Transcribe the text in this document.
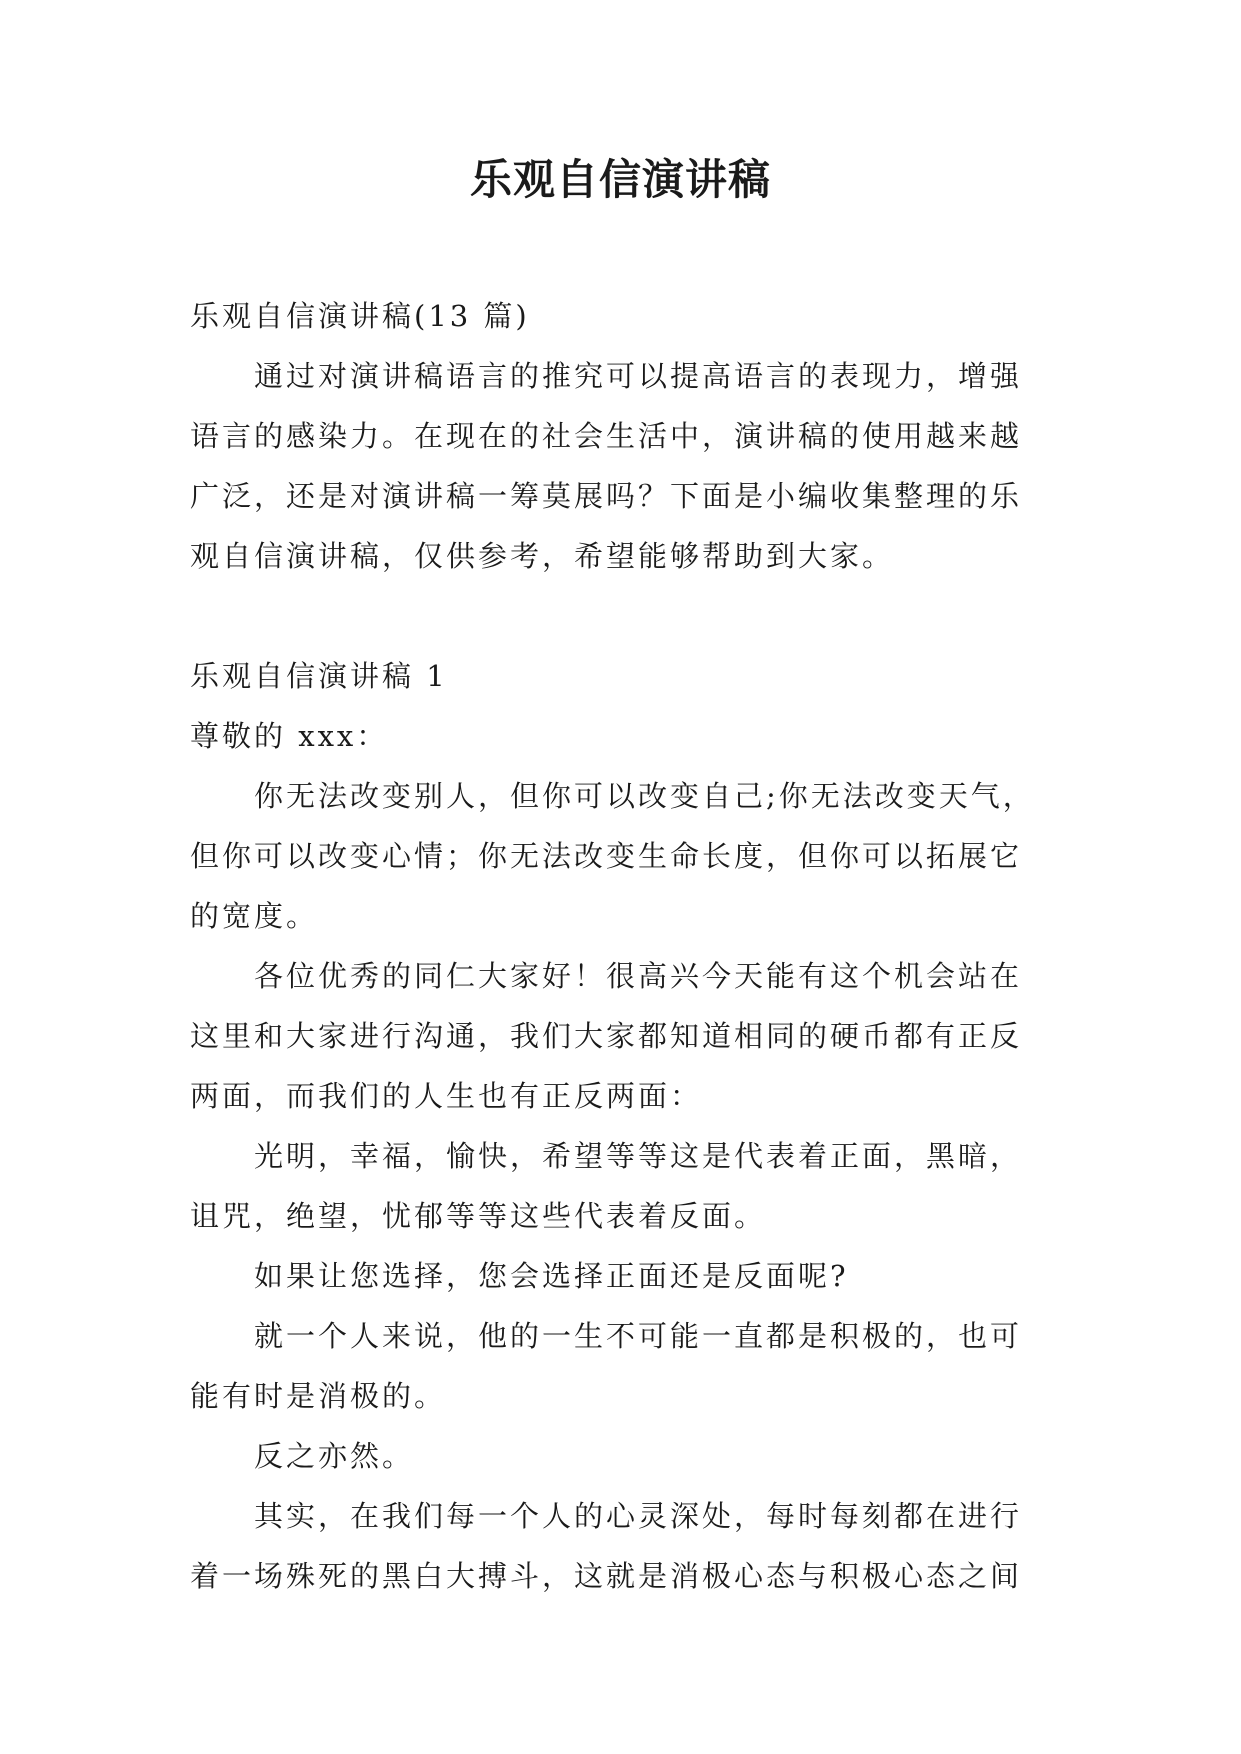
乐观自信演讲稿

乐观自信演讲稿(13 篇)

通过对演讲稿语言的推究可以提高语言的表现力，增强语言的感染力。在现在的社会生活中，演讲稿的使用越来越广泛，还是对演讲稿一筹莫展吗？下面是小编收集整理的乐观自信演讲稿，仅供参考，希望能够帮助到大家。

乐观自信演讲稿 1

尊敬的 xxx：

你无法改变别人，但你可以改变自己;你无法改变天气，但你可以改变心情；你无法改变生命长度，但你可以拓展它的宽度。

各位优秀的同仁大家好！很高兴今天能有这个机会站在这里和大家进行沟通，我们大家都知道相同的硬币都有正反两面，而我们的人生也有正反两面：

光明，幸福，愉快，希望等等这是代表着正面，黑暗，诅咒，绝望，忧郁等等这些代表着反面。

如果让您选择，您会选择正面还是反面呢?

就一个人来说，他的一生不可能一直都是积极的，也可能有时是消极的。

反之亦然。

其实，在我们每一个人的心灵深处，每时每刻都在进行着一场殊死的黑白大搏斗，这就是消极心态与积极心态之间
